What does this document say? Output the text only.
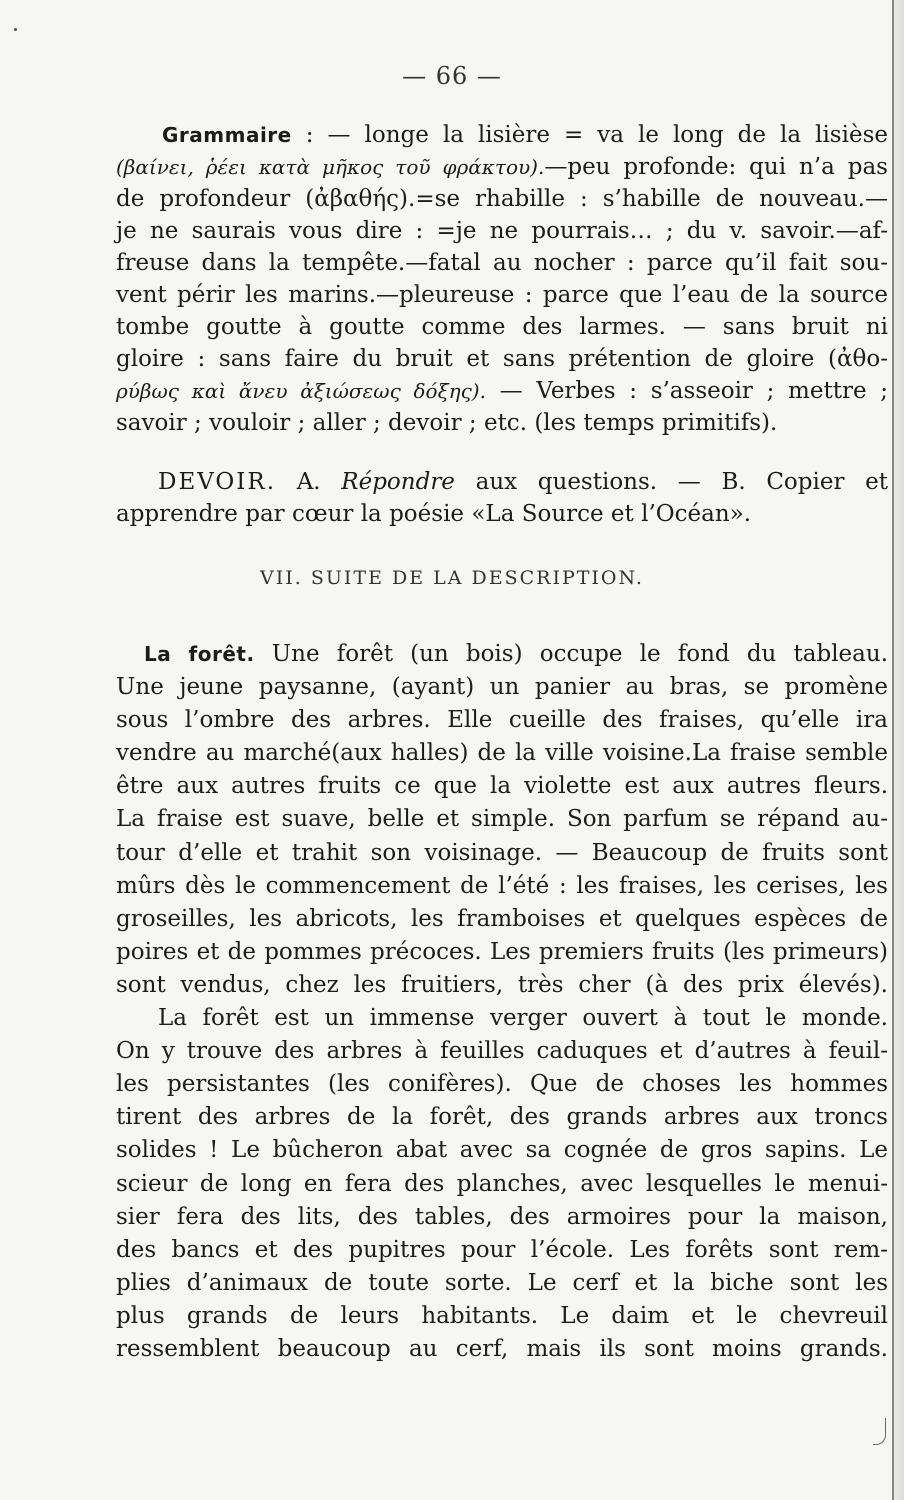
— 66 —
Grammaire : — longe la lisière = va le long de la lisièse
(βαίνει, ῥέει κατὰ μῆκος τοῦ φράκτου).—peu profonde: qui n’a pas
de profondeur (ἀβαθής).=se rhabille : s’habille de nouveau.—
je ne saurais vous dire : =je ne pourrais… ; du v. savoir.—af-
freuse dans la tempête.—fatal au nocher : parce qu’il fait sou-
vent périr les marins.—pleureuse : parce que l’eau de la source
tombe goutte à goutte comme des larmes. — sans bruit ni
gloire : sans faire du bruit et sans prétention de gloire (ἀθο-
ρύβως καὶ ἄνευ ἀξιώσεως δόξης). — Verbes : s’asseoir ; mettre ;
savoir ; vouloir ; aller ; devoir ; etc. (les temps primitifs).
DEVOIR. A. Répondre aux questions. — B. Copier et
apprendre par cœur la poésie «La Source et l’Océan».
VII. SUITE DE LA DESCRIPTION.
La forêt. Une forêt (un bois) occupe le fond du tableau.
Une jeune paysanne, (ayant) un panier au bras, se promène
sous l’ombre des arbres. Elle cueille des fraises, qu’elle ira
vendre au marché(aux halles) de la ville voisine.La fraise semble
être aux autres fruits ce que la violette est aux autres fleurs.
La fraise est suave, belle et simple. Son parfum se répand au-
tour d’elle et trahit son voisinage. — Beaucoup de fruits sont
mûrs dès le commencement de l’été : les fraises, les cerises, les
groseilles, les abricots, les framboises et quelques espèces de
poires et de pommes précoces. Les premiers fruits (les primeurs)
sont vendus, chez les fruitiers, très cher (à des prix élevés).
La forêt est un immense verger ouvert à tout le monde.
On y trouve des arbres à feuilles caduques et d’autres à feuil-
les persistantes (les conifères). Que de choses les hommes
tirent des arbres de la forêt, des grands arbres aux troncs
solides ! Le bûcheron abat avec sa cognée de gros sapins. Le
scieur de long en fera des planches, avec lesquelles le menui-
sier fera des lits, des tables, des armoires pour la maison,
des bancs et des pupitres pour l’école. Les forêts sont rem-
plies d’animaux de toute sorte. Le cerf et la biche sont les
plus grands de leurs habitants. Le daim et le chevreuil
ressemblent beaucoup au cerf, mais ils sont moins grands.
